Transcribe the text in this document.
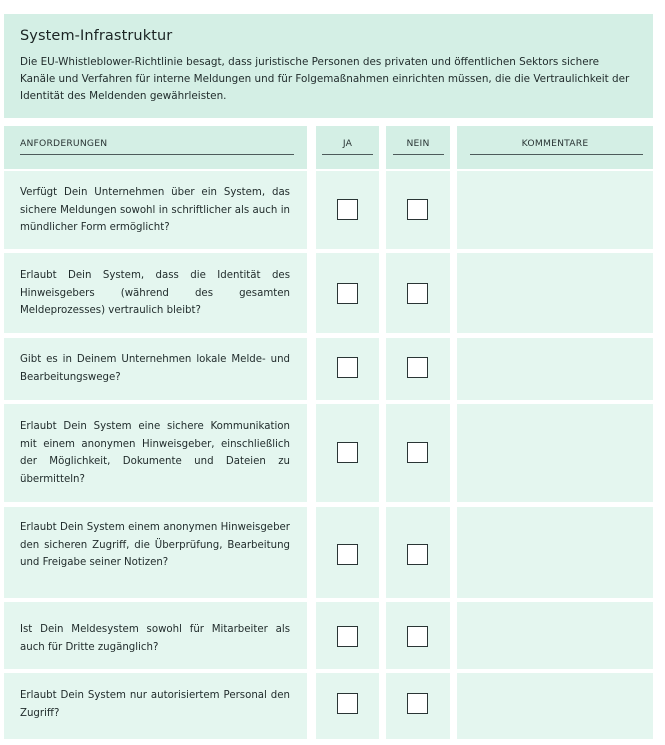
System-Infrastruktur

Die EU-Whistleblower-Richtlinie besagt, dass juristische Personen des privaten und öffentlichen Sektors sichere Kanäle und Verfahren für interne Meldungen und für Folgemaßnahmen einrichten müssen, die die Vertraulichkeit der Identität des Meldenden gewährleisten.

ANFORDERUNGEN	JA	NEIN	KOMMENTARE
Verfügt Dein Unternehmen über ein System, das sichere Meldungen sowohl in schriftlicher als auch in mündlicher Form ermöglicht?
Erlaubt Dein System, dass die Identität des Hinweisgebers (während des gesamten Meldeprozesses) vertraulich bleibt?
Gibt es in Deinem Unternehmen lokale Melde- und Bearbeitungswege?
Erlaubt Dein System eine sichere Kommunikation mit einem anonymen Hinweisgeber, einschließlich der Möglichkeit, Dokumente und Dateien zu übermitteln?
Erlaubt Dein System einem anonymen Hinweisgeber den sicheren Zugriff, die Überprüfung, Bearbeitung und Freigabe seiner Notizen?
Ist Dein Meldesystem sowohl für Mitarbeiter als auch für Dritte zugänglich?
Erlaubt Dein System nur autorisiertem Personal den Zugriff?
